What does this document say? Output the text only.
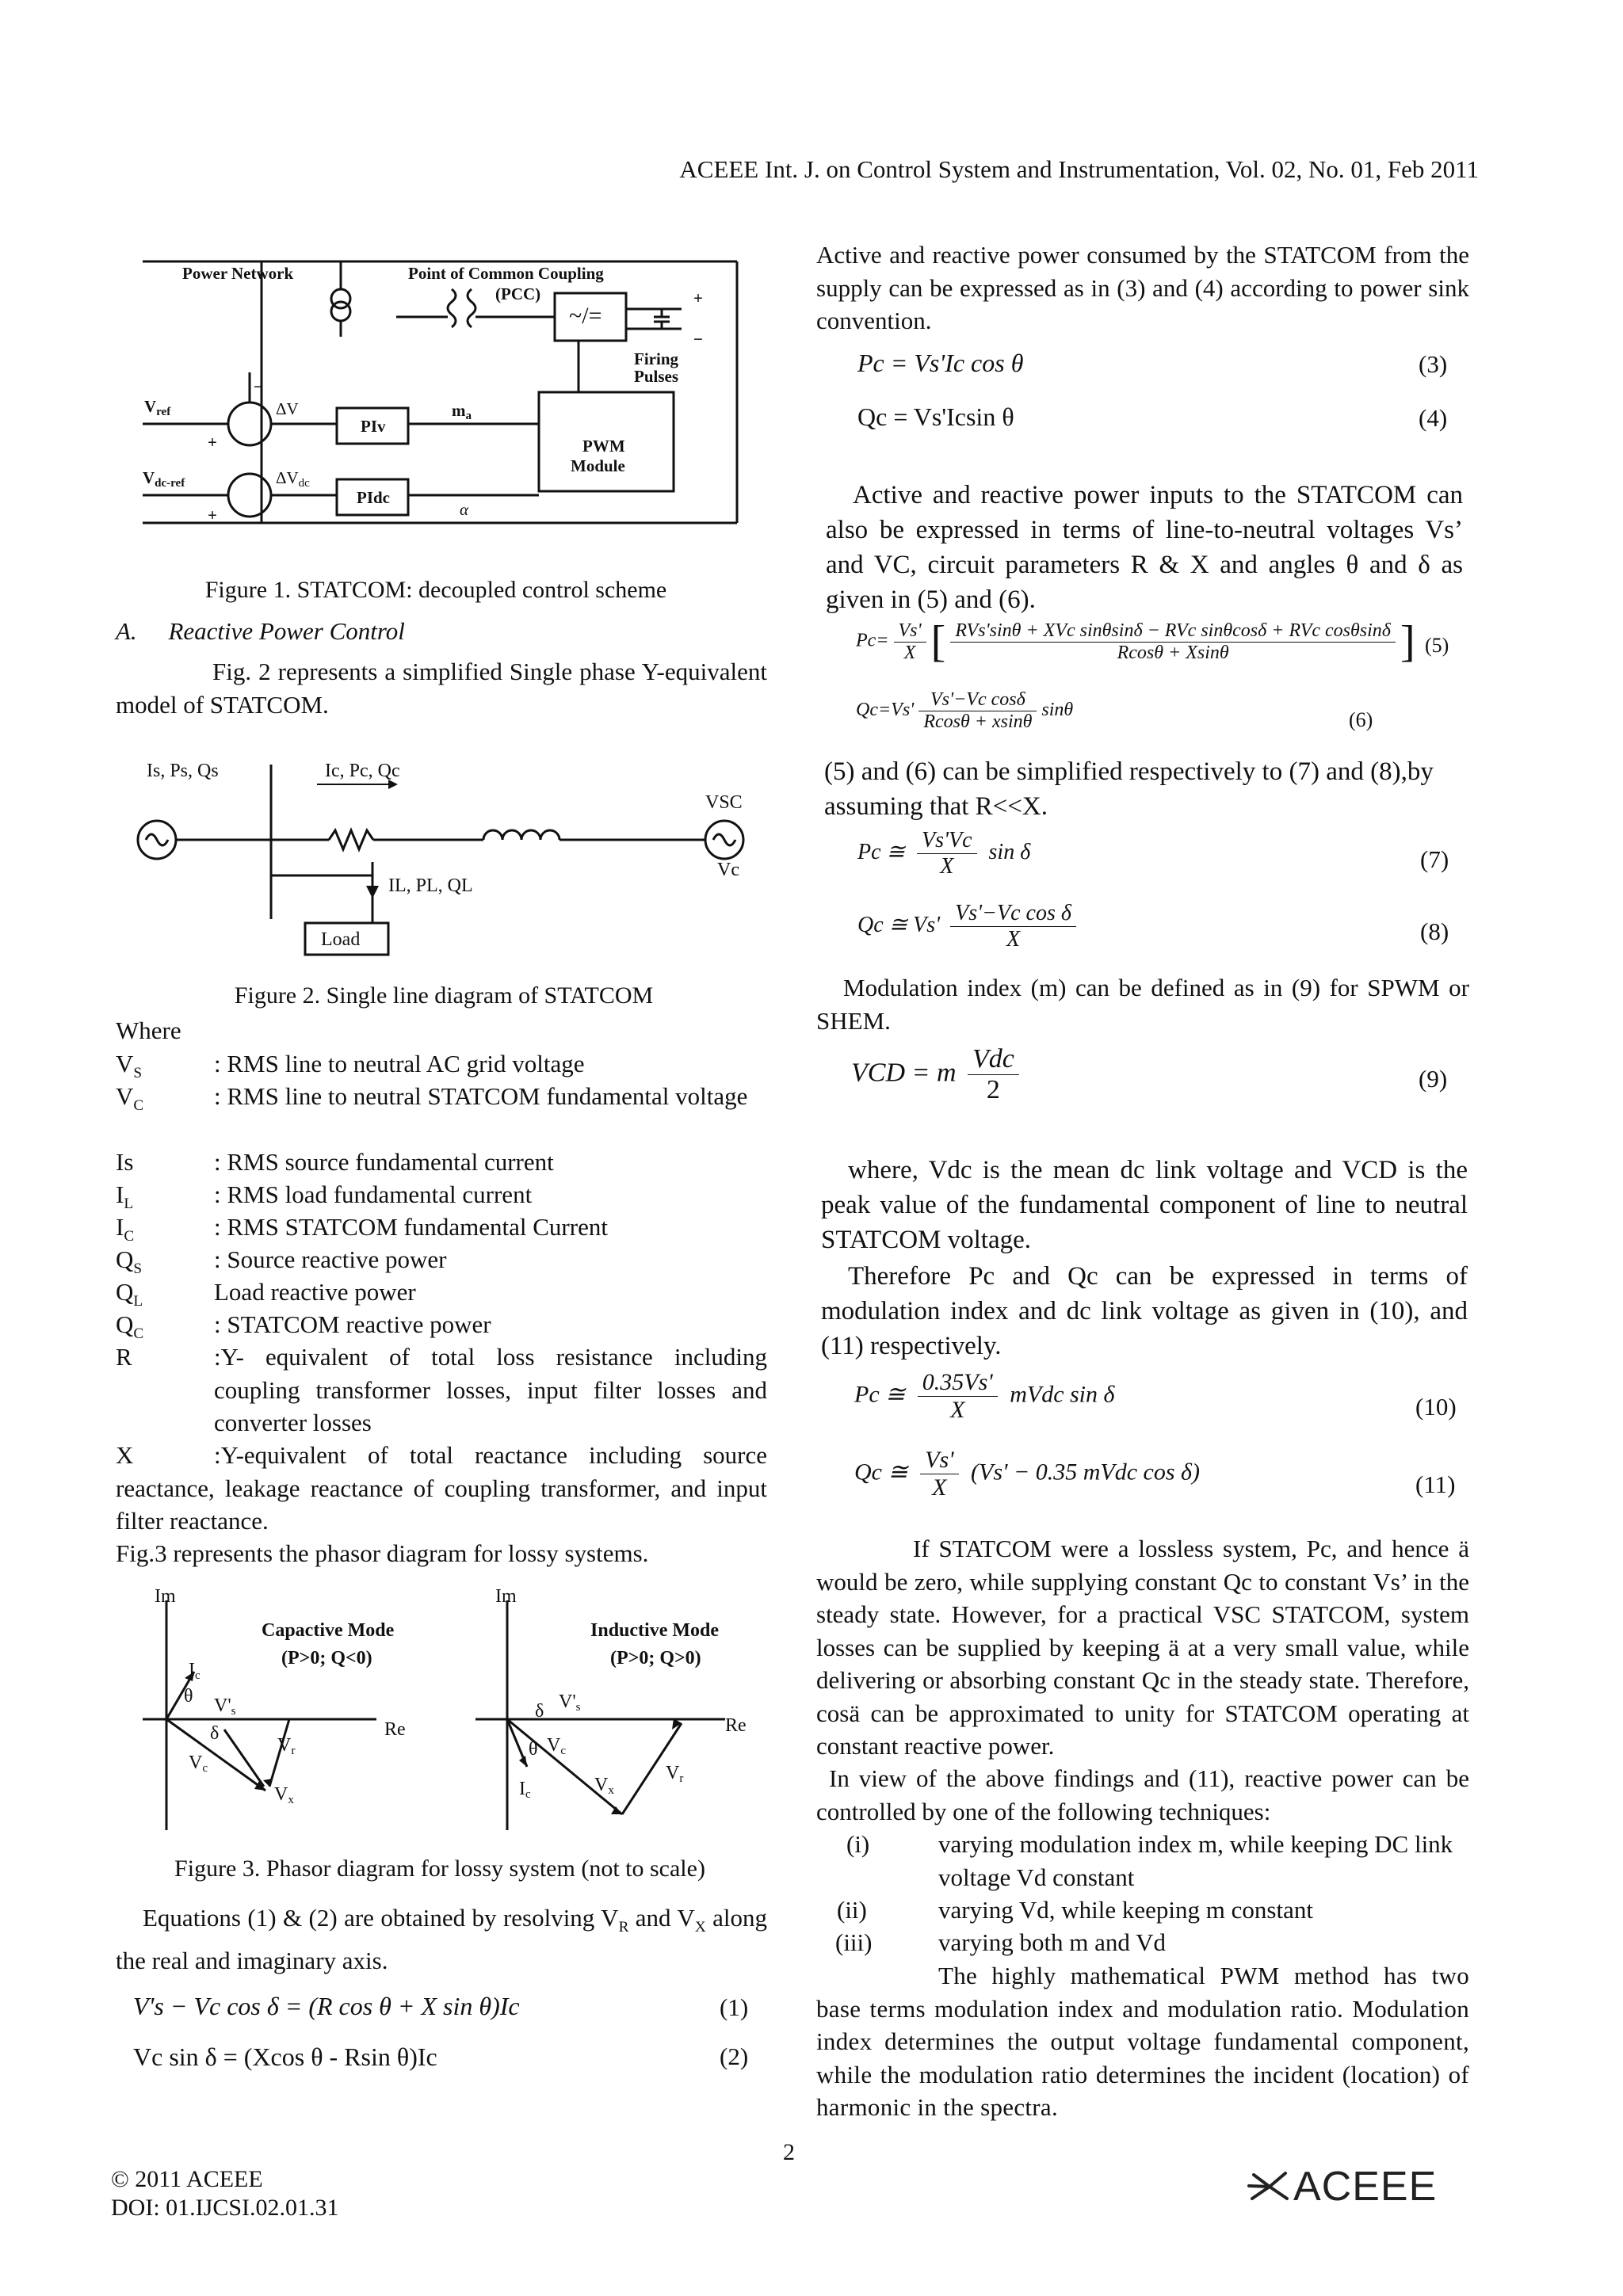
ACEEE Int. J. on Control System and Instrumentation, Vol. 02, No. 01, Feb 2011
Power Network	Point of Common Coupling
(PCC)
~/=
Firing
Pulses
Vref	ΔV	ma
PIv
PWM
Module
Vdc-ref	ΔVdc
PIdc
α
+
+
−
+
−
Figure 1. STATCOM: decoupled control scheme
A. Reactive Power Control
Fig. 2 represents a simplified Single phase Y-equivalent model of STATCOM.
Is, Ps, Qs	Ic, Pc, Qc
VSC
Vc
IL, PL, QL
Load
Figure 2. Single line diagram of STATCOM
Where
$V_S$	: RMS line to neutral AC grid voltage
$V_C$	: RMS line to neutral STATCOM fundamental voltage
Is	: RMS source fundamental current
$I_L$	: RMS load fundamental current
$I_C$	: RMS STATCOM fundamental Current
$Q_S$	: Source reactive power
$Q_L$	Load reactive power
$Q_C$	: STATCOM reactive power
R	:Y- equivalent of total loss resistance including coupling transformer losses, input filter losses and converter losses
X	:Y-equivalent of total reactance including source reactance, leakage reactance of coupling transformer, and input filter reactance.
Fig.3 represents the phasor diagram for lossy systems.
Im	Im
Re	Re
Capactive Mode
(P>0; Q<0)
Inductive Mode
(P>0; Q>0)
Ic
θ
δ
V's
Vr
Vc
Vx
V's
δ
θ Vc
Ic	Vx
Vr
Figure 3. Phasor diagram for lossy system (not to scale)
Equations (1) & (2) are obtained by resolving $V_R$ and $V_X$ along the real and imaginary axis.
V's − Vc cos δ = (R cos θ + X sin θ)Ic	(1)
Vc sin δ = (Xcos θ - Rsin θ)Ic	(2)
Active and reactive power consumed by the STATCOM from the supply can be expressed as in (3) and (4) according to power sink convention.
Pc = Vs'Ic cos θ	(3)
Qc = Vs'Icsin θ	(4)
Active and reactive power inputs to the STATCOM can also be expressed in terms of line-to-neutral voltages Vs’ and VC, circuit parameters R & X and angles θ and δ as given in (5) and (6).
$Pc= \frac{Vs'}{X}$ [ $\frac{\text{RVs'sinθ + XVc sinθsinδ − RVc sinθcosδ + RVc cosθsinδ}}{Rcos\theta + Xsin\theta}$ ] (5)
$Qc=Vs' \frac{\text{Vs'−Vc cosδ}}{Rcos\theta + xsin\theta}$ sinθ	(6)
(5) and (6) can be simplified respectively to (7) and (8),by assuming that R<<X.
Pc ≅ $\frac{Vs'Vc}{X}$ sin δ	(7)
Qc ≅ $Vs' \frac{\text{Vs'−Vc cos δ}}{X}$	(8)
Modulation index (m) can be defined as in (9) for SPWM or SHEM.
VCD = m $\frac{\text{Vdc}}{2}$	(9)
where, Vdc is the mean dc link voltage and VCD is the peak value of the fundamental component of line to neutral STATCOM voltage.
Therefore Pc and Qc can be expressed in terms of modulation index and dc link voltage as given in (10), and (11) respectively.
Pc ≅ $\frac{0.35Vs'}{X}$ mVdc sin δ	(10)
Qc ≅ $\frac{Vs'}{X} (Vs' - 0.35$ mVdc cos δ)	(11)
If STATCOM were a lossless system, Pc, and hence ä would be zero, while supplying constant Qc to constant Vs’ in the steady state. However, for a practical VSC STATCOM, system losses can be supplied by keeping ä at a very small value, while delivering or absorbing constant Qc in the steady state. Therefore, cosä can be approximated to unity for STATCOM operating at constant reactive power.
In view of the above findings and (11), reactive power can be controlled by one of the following techniques:
(i)	varying modulation index m, while keeping DC link voltage Vd constant
(ii)	varying Vd, while keeping m constant
(iii)	varying both m and Vd
The highly mathematical PWM method has two base terms modulation index and modulation ratio. Modulation index determines the output voltage fundamental component, while the modulation ratio determines the incident (location) of harmonic in the spectra.
2
© 2011 ACEEE
DOI: 01.IJCSI.02.01.31	ACEEE
